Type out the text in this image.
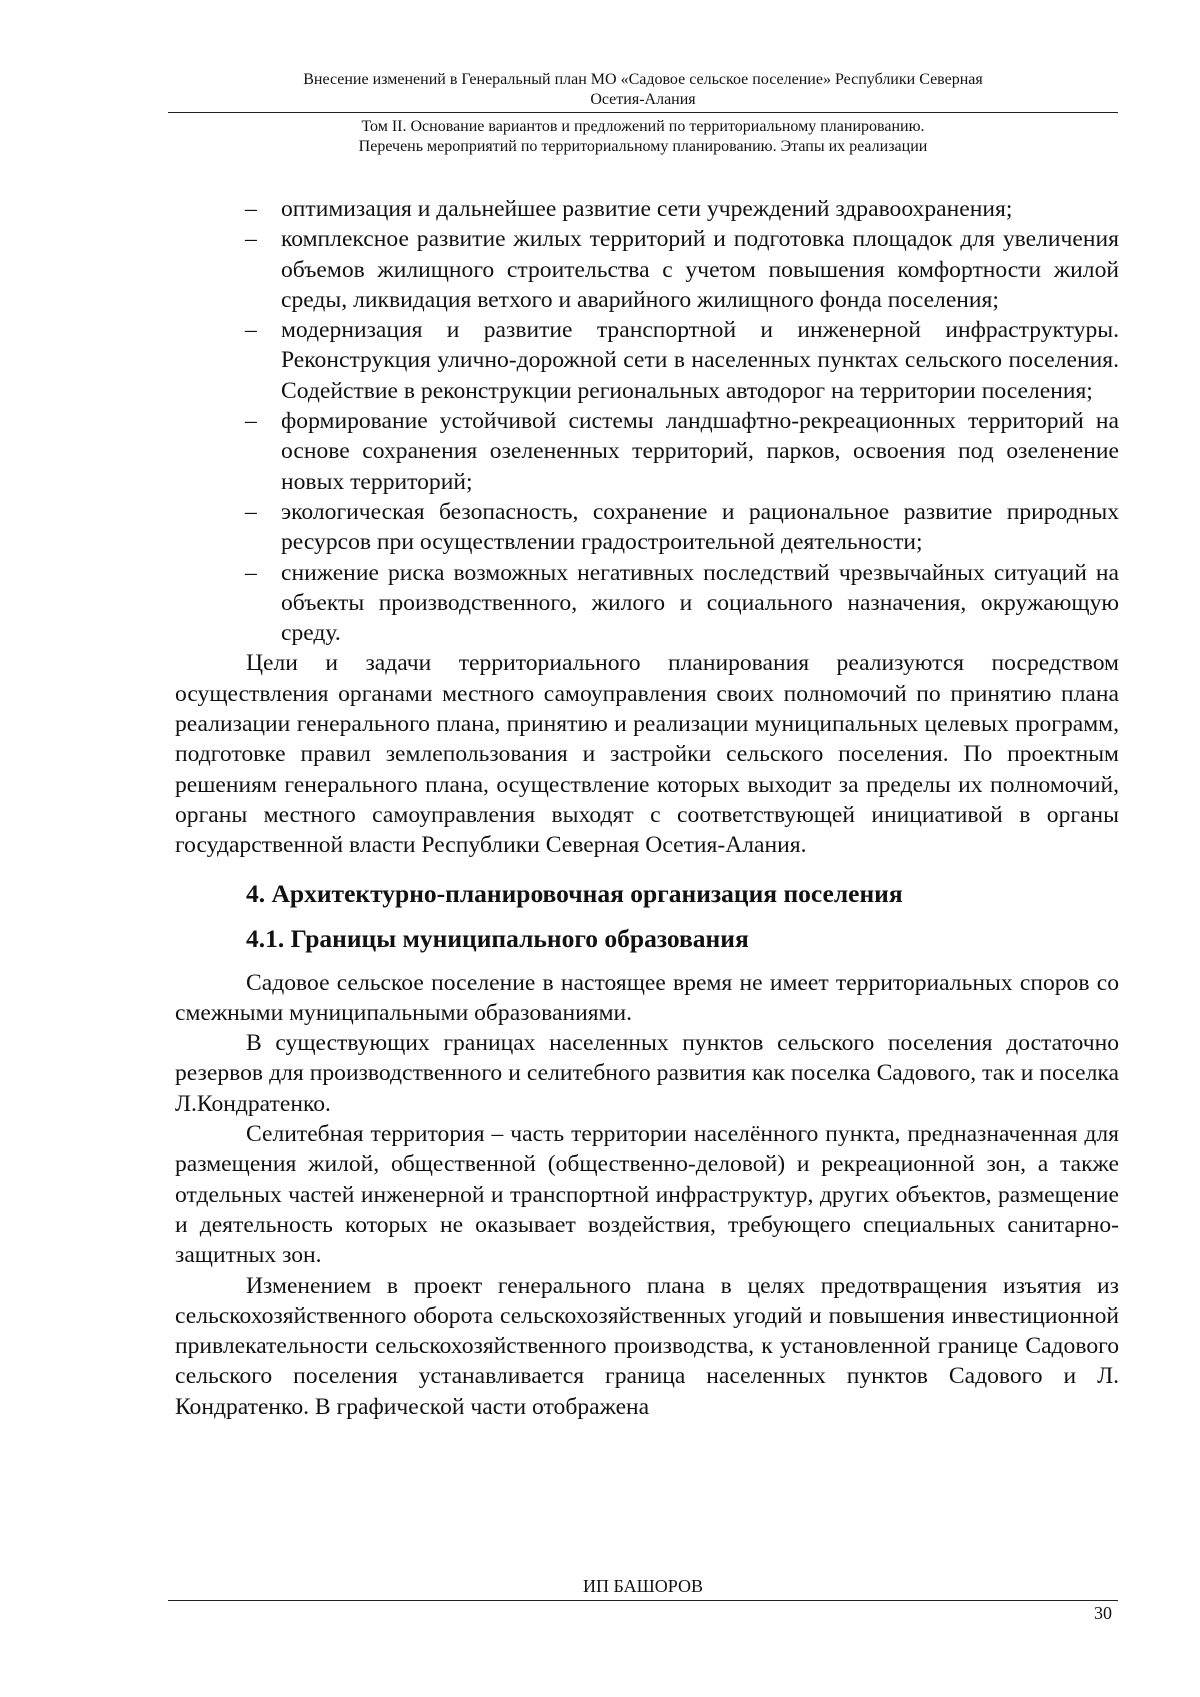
Внесение изменений в Генеральный план МО «Садовое сельское поселение» Республики Северная
Осетия-Алания
Том II. Основание вариантов и предложений по территориальному планированию.
Перечень мероприятий по территориальному планированию. Этапы их реализации
– оптимизация и дальнейшее развитие сети учреждений здравоохранения;
– комплексное развитие жилых территорий и подготовка площадок для увеличения объемов жилищного строительства с учетом повышения комфортности жилой среды, ликвидация ветхого и аварийного жилищного фонда поселения;
– модернизация и развитие транспортной и инженерной инфраструктуры. Реконструкция улично-дорожной сети в населенных пунктах сельского поселения. Содействие в реконструкции региональных автодорог на территории поселения;
– формирование устойчивой системы ландшафтно-рекреационных территорий на основе сохранения озелененных территорий, парков, освоения под озеленение новых территорий;
– экологическая безопасность, сохранение и рациональное развитие природных ресурсов при осуществлении градостроительной деятельности;
– снижение риска возможных негативных последствий чрезвычайных ситуаций на объекты производственного, жилого и социального назначения, окружающую среду.

Цели и задачи территориального планирования реализуются посредством осуществления органами местного самоуправления своих полномочий по принятию плана реализации генерального плана, принятию и реализации муниципальных целевых программ, подготовке правил землепользования и застройки сельского поселения. По проектным решениям генерального плана, осуществление которых выходит за пределы их полномочий, органы местного самоуправления выходят с соответствующей инициативой в органы государственной власти Республики Северная Осетия-Алания.

4. Архитектурно-планировочная организация поселения
4.1. Границы муниципального образования

Садовое сельское поселение в настоящее время не имеет территориальных споров со смежными муниципальными образованиями.

В существующих границах населенных пунктов сельского поселения достаточно резервов для производственного и селитебного развития как поселка Садового, так и поселка Л.Кондратенко.

Селитебная территория – часть территории населённого пункта, предназначенная для размещения жилой, общественной (общественно-деловой) и рекреационной зон, а также отдельных частей инженерной и транспортной инфраструктур, других объектов, размещение и деятельность которых не оказывает воздействия, требующего специальных санитарно-защитных зон.

Изменением в проект генерального плана в целях предотвращения изъятия из сельскохозяйственного оборота сельскохозяйственных угодий и повышения инвестиционной привлекательности сельскохозяйственного производства, к установленной границе Садового сельского поселения устанавливается граница населенных пунктов Садового и Л. Кондратенко. В графической части отображена

ИП БАШОРОВ
30
